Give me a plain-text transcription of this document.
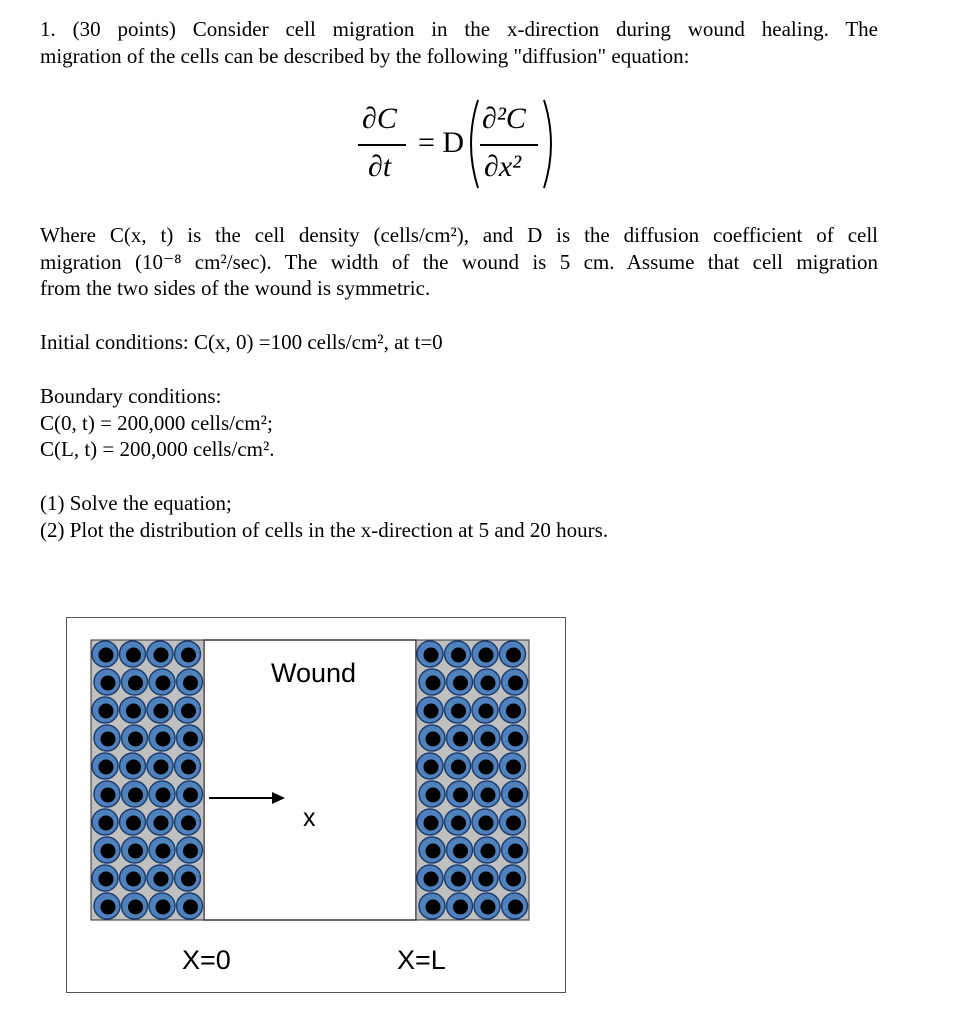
1. (30 points) Consider cell migration in the x-direction during wound healing. The
migration of the cells can be described by the following "diffusion" equation:
∂C
∂t
= D
∂²C
∂x²
Where C(x, t) is the cell density (cells/cm²), and D is the diffusion coefficient of cell
migration (10⁻⁸ cm²/sec). The width of the wound is 5 cm. Assume that cell migration
from the two sides of the wound is symmetric.
Initial conditions: C(x, 0) =100 cells/cm², at t=0
Boundary conditions:
C(0, t) = 200,000 cells/cm²;
C(L, t) = 200,000 cells/cm².
(1) Solve the equation;
(2) Plot the distribution of cells in the x-direction at 5 and 20 hours.
Wound
x
X=0	X=L
